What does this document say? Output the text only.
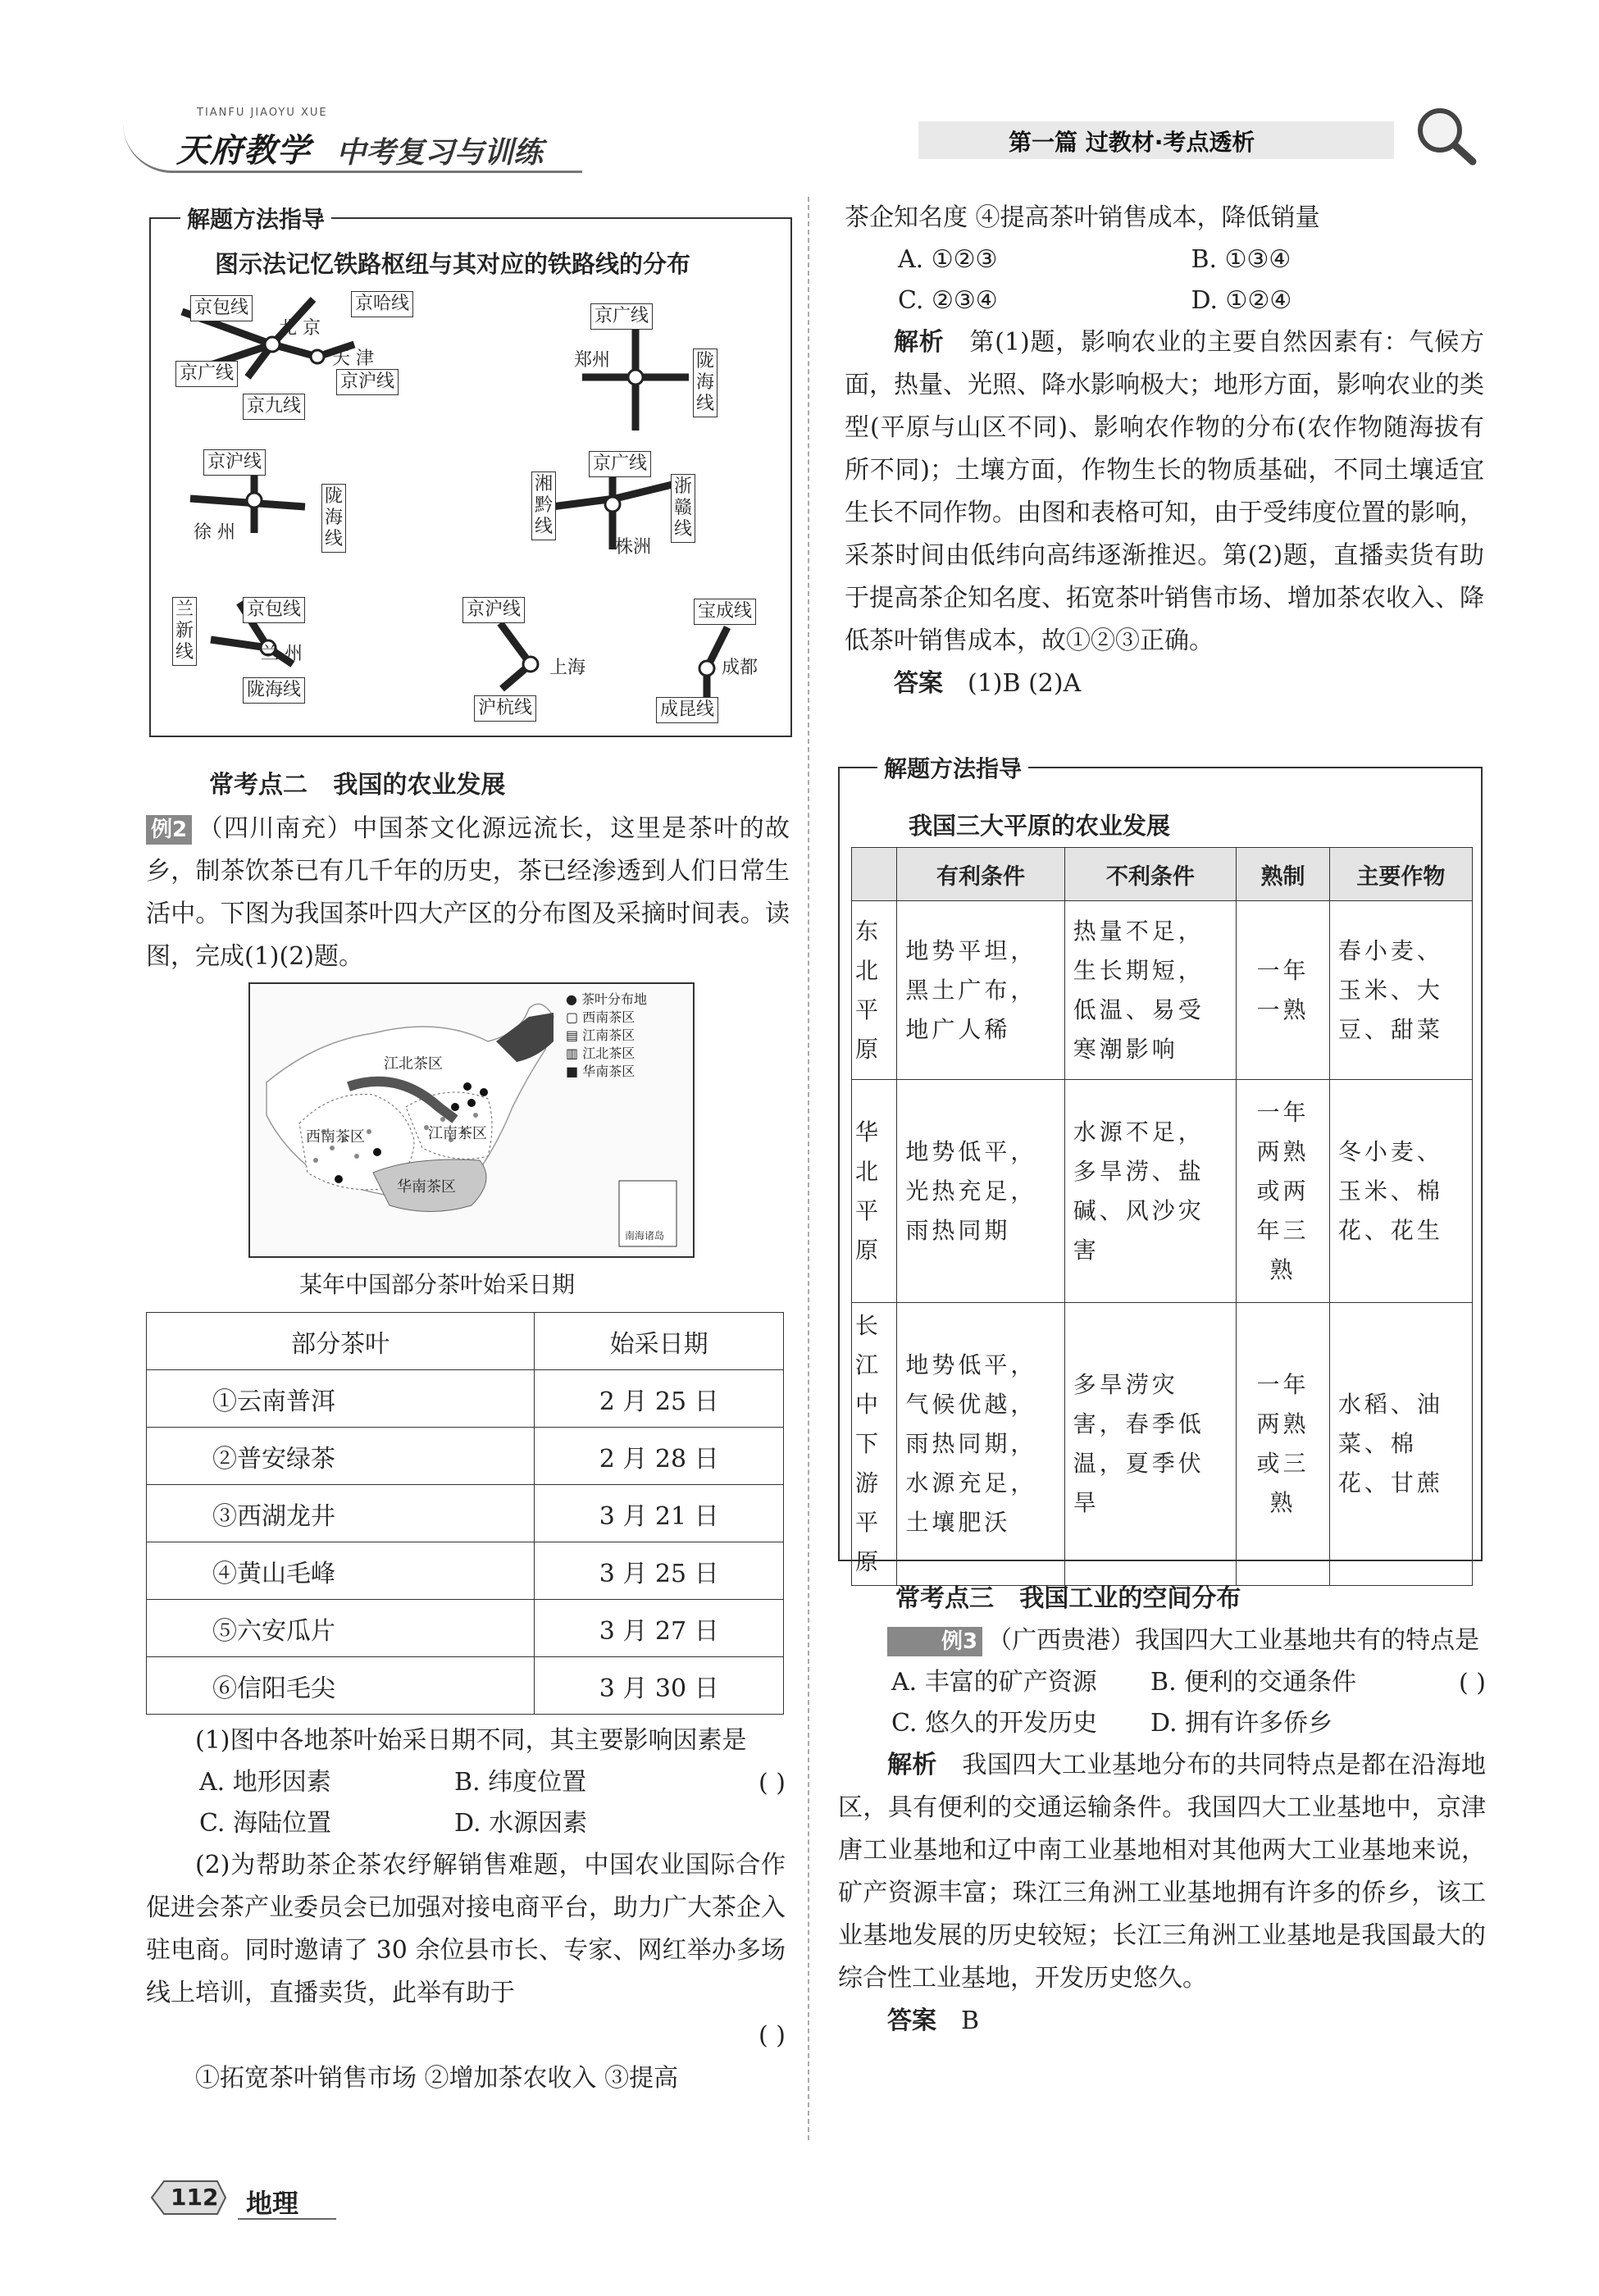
TIANFU JIAOYU XUE
天府教学 中考复习与训练	第一篇 过教材·考点透析
解题方法指导
图示法记忆铁路枢纽与其对应的铁路线的分布
京包线	京哈线
京广线	京沪线
京九线
北 京
天 津
京广线
陇海线
郑州
京沪线
陇海线
徐 州
京广线
湘黔线
浙赣线
株洲
京包线
兰新线
陇海线
兰 州
京沪线
沪杭线
上海
宝成线
成昆线
成都
常考点二   我国的农业发展

例2 （四川南充）中国茶文化源远流长，这里是茶叶的故乡，制茶饮茶已有几千年的历史，茶已经渗透到人们日常生活中。下图为我国茶叶四大产区的分布图及采摘时间表。读图，完成(1)(2)题。

● 茶叶分布地
▢ 西南茶区
▤ 江南茶区
▥ 江北茶区
■ 华南茶区
江北茶区
西南茶区	江南茶区
华南茶区
南海诸岛
某年中国部分茶叶始采日期
部分茶叶	始采日期
①云南普洱	2 月 25 日
②普安绿茶	2 月 28 日
③西湖龙井	3 月 21 日
④黄山毛峰	3 月 25 日
⑤六安瓜片	3 月 27 日
⑥信阳毛尖	3 月 30 日

(1)图中各地茶叶始采日期不同，其主要影响因素是
( )

A. 地形因素	B. 纬度位置
C. 海陆位置	D. 水源因素

(2)为帮助茶企茶农纾解销售难题，中国农业国际合作促进会茶产业委员会已加强对接电商平台，助力广大茶企入驻电商。同时邀请了 30 余位县市长、专家、网红举办多场线上培训，直播卖货，此举有助于

( )

①拓宽茶叶销售市场 ②增加茶农收入 ③提高

茶企知名度 ④提高茶叶销售成本，降低销量

A. ①②③	B. ①③④
C. ②③④	D. ①②④

解析　 第(1)题，影响农业的主要自然因素有：气候方面，热量、光照、降水影响极大；地形方面，影响农业的类型(平原与山区不同)、影响农作物的分布(农作物随海拔有所不同)；土壤方面，作物生长的物质基础，不同土壤适宜生长不同作物。由图和表格可知，由于受纬度位置的影响，采茶时间由低纬向高纬逐渐推迟。第(2)题，直播卖货有助于提高茶企知名度、拓宽茶叶销售市场、增加茶农收入、降低茶叶销售成本，故①②③正确。

答案　 (1)B (2)A

解题方法指导
我国三大平原的农业发展
	有利条件	不利条件	熟制	主要作物
东北平原	地势平坦，黑土广布，地广人稀	热量不足，生长期短，低温、易受寒潮影响	一年一熟	春小麦、玉米、大豆、甜菜
华北平原	地势低平，光热充足，雨热同期	水源不足，多旱涝、盐碱、风沙灾害	一年两熟或两年三熟	冬小麦、玉米、棉花、花生
长江中下游平原	地势低平，气候优越，雨热同期，水源充足，土壤肥沃	多旱涝灾害，春季低温，夏季伏旱	一年两熟或三熟	水稻、油菜、棉花、甘蔗
常考点三   我国工业的空间分布

例3 （广西贵港）我国四大工业基地共有的特点是
( )

A. 丰富的矿产资源	B. 便利的交通条件
C. 悠久的开发历史	D. 拥有许多侨乡

解析　 我国四大工业基地分布的共同特点是都在沿海地区，具有便利的交通运输条件。我国四大工业基地中，京津唐工业基地和辽中南工业基地相对其他两大工业基地来说，矿产资源丰富；珠江三角洲工业基地拥有许多的侨乡，该工业基地发展的历史较短；长江三角洲工业基地是我国最大的综合性工业基地，开发历史悠久。

答案　 B

112 地理
